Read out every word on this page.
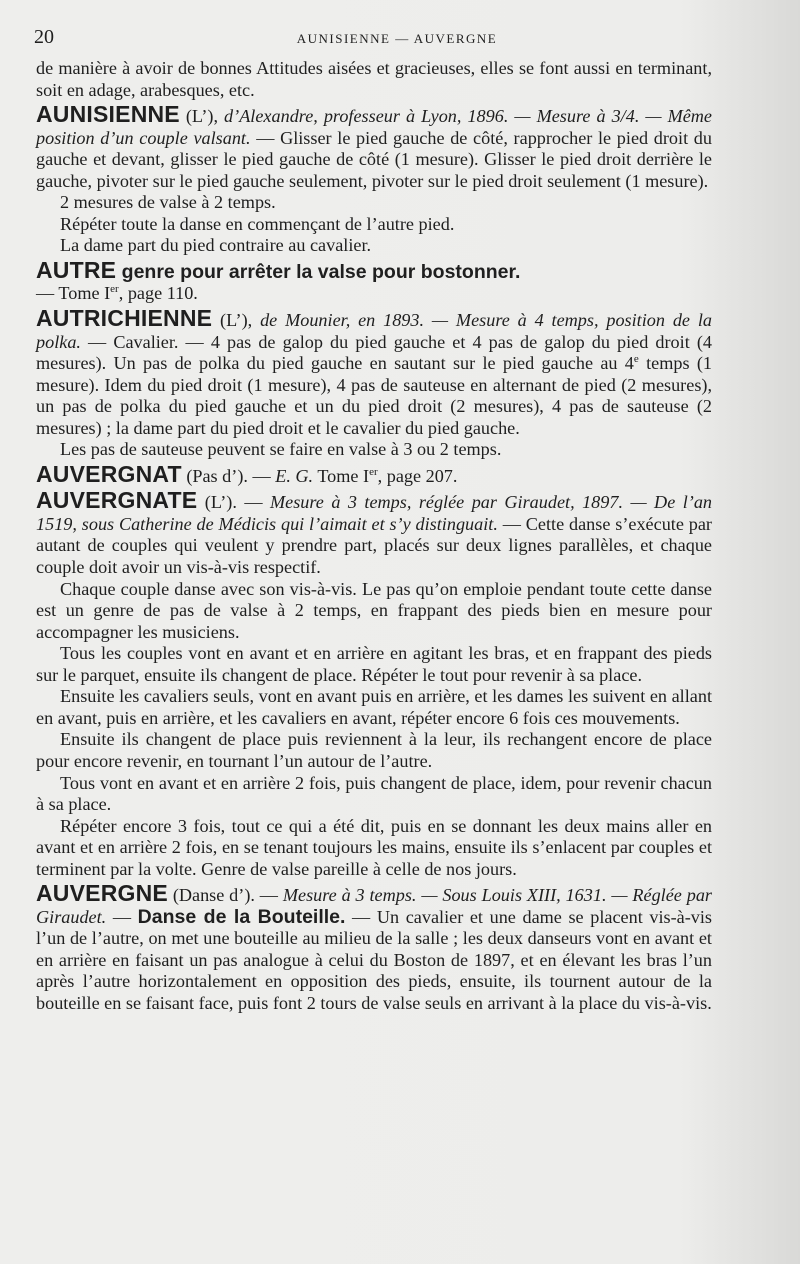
20	AUNISIENNE — AUVERGNE

de manière à avoir de bonnes Attitudes aisées et gracieuses, elles se font aussi en terminant, soit en adage, arabesques, etc.

AUNISIENNE (L’), d’Alexandre, professeur à Lyon, 1896. — Mesure à 3/4. — Même position d’un couple valsant. — Glisser le pied gauche de côté, rapprocher le pied droit du gauche et devant, glisser le pied gauche de côté (1 mesure). Glisser le pied droit derrière le gauche, pivoter sur le pied gauche seulement, pivoter sur le pied droit seulement (1 mesure).

2 mesures de valse à 2 temps.

Répéter toute la danse en commençant de l’autre pied.

La dame part du pied contraire au cavalier.

AUTRE genre pour arrêter la valse pour bostonner.

— Tome Ier, page 110.

AUTRICHIENNE (L’), de Mounier, en 1893. — Mesure à 4 temps, position de la polka. — Cavalier. — 4 pas de galop du pied gauche et 4 pas de galop du pied droit (4 mesures). Un pas de polka du pied gauche en sautant sur le pied gauche au 4e temps (1 mesure). Idem du pied droit (1 mesure), 4 pas de sauteuse en alternant de pied (2 mesures), un pas de polka du pied gauche et un du pied droit (2 mesures), 4 pas de sauteuse (2 mesures) ; la dame part du pied droit et le cavalier du pied gauche.

Les pas de sauteuse peuvent se faire en valse à 3 ou 2 temps.

AUVERGNAT (Pas d’). — E. G. Tome Ier, page 207.

AUVERGNATE (L’). — Mesure à 3 temps, réglée par Giraudet, 1897. — De l’an 1519, sous Catherine de Médicis qui l’aimait et s’y distinguait. — Cette danse s’exécute par autant de couples qui veulent y prendre part, placés sur deux lignes parallèles, et chaque couple doit avoir un vis-à-vis respectif.

Chaque couple danse avec son vis-à-vis. Le pas qu’on emploie pendant toute cette danse est un genre de pas de valse à 2 temps, en frappant des pieds bien en mesure pour accompagner les musiciens.

Tous les couples vont en avant et en arrière en agitant les bras, et en frappant des pieds sur le parquet, ensuite ils changent de place. Répéter le tout pour revenir à sa place.

Ensuite les cavaliers seuls, vont en avant puis en arrière, et les dames les suivent en allant en avant, puis en arrière, et les cavaliers en avant, répéter encore 6 fois ces mouvements.

Ensuite ils changent de place puis reviennent à la leur, ils rechangent encore de place pour encore revenir, en tournant l’un autour de l’autre.

Tous vont en avant et en arrière 2 fois, puis changent de place, idem, pour revenir chacun à sa place.

Répéter encore 3 fois, tout ce qui a été dit, puis en se donnant les deux mains aller en avant et en arrière 2 fois, en se tenant toujours les mains, ensuite ils s’enlacent par couples et terminent par la volte. Genre de valse pareille à celle de nos jours.

AUVERGNE (Danse d’). — Mesure à 3 temps. — Sous Louis XIII, 1631. — Réglée par Giraudet. — Danse de la Bouteille. — Un cavalier et une dame se placent vis-à-vis l’un de l’autre, on met une bouteille au milieu de la salle ; les deux danseurs vont en avant et en arrière en faisant un pas analogue à celui du Boston de 1897, et en élevant les bras l’un après l’autre horizontalement en opposition des pieds, ensuite, ils tournent autour de la bouteille en se faisant face, puis font 2 tours de valse seuls en arrivant à la place du vis-à-vis.
